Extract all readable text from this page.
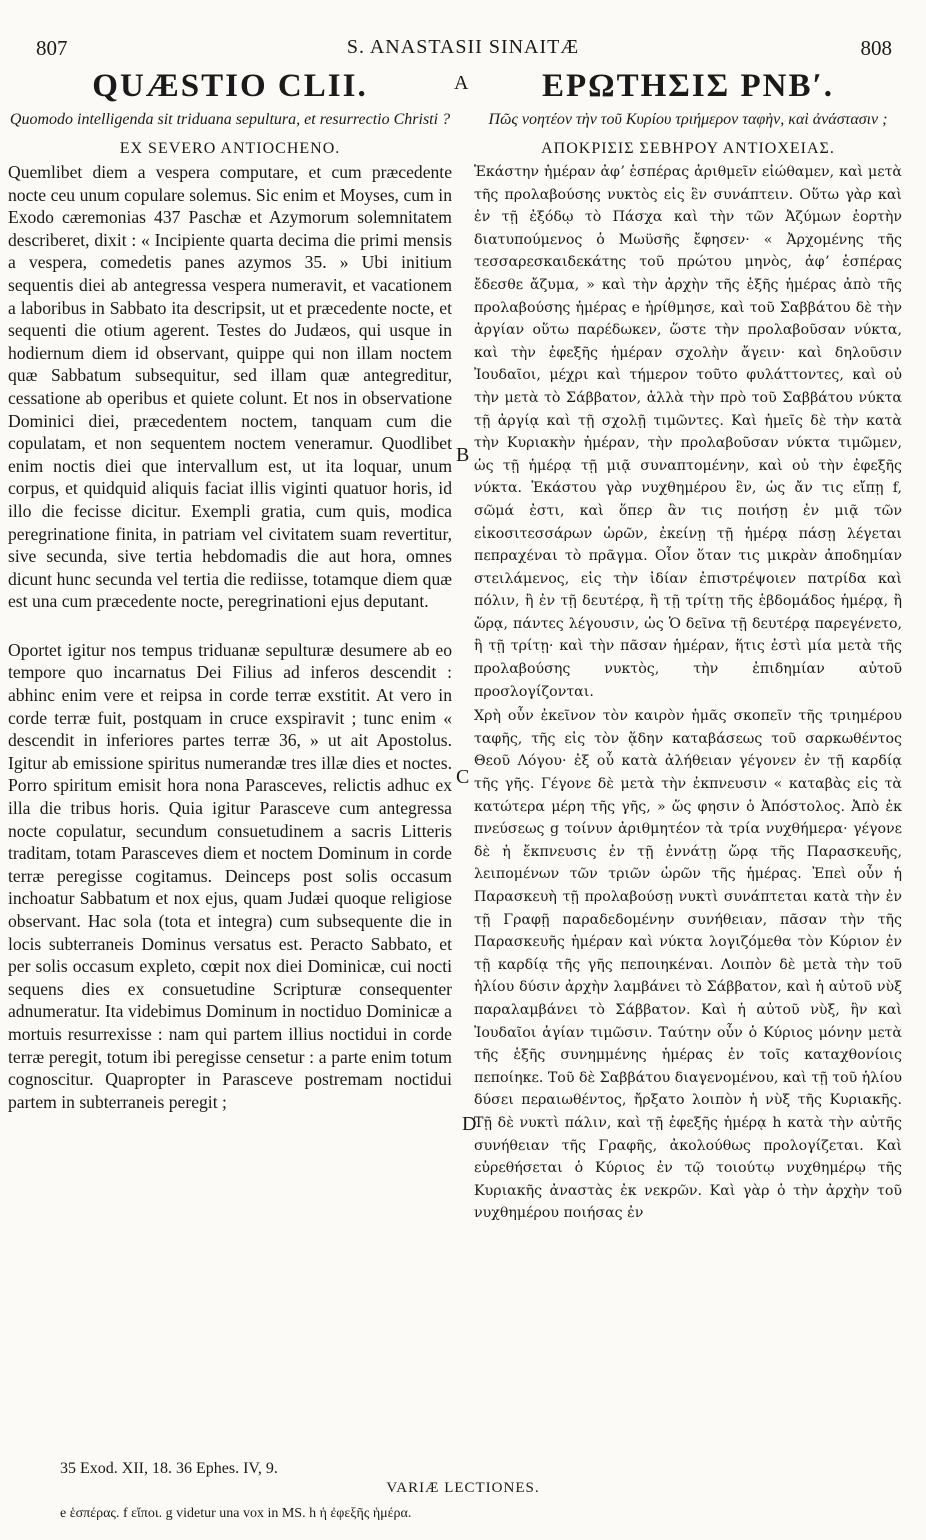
807	S. ANASTASII SINAITÆ	808
A
B
C
D
QUÆSTIO CLII.

Quomodo intelligenda sit triduana sepultura, et resurrectio Christi ?

EX SEVERO ANTIOCHENO.

Quemlibet diem a vespera computare, et cum præcedente nocte ceu unum copulare solemus. Sic enim et Moyses, cum in Exodo cæremonias 437 Paschæ et Azymorum solemnitatem describeret, dixit : « Incipiente quarta decima die primi mensis a vespera, comedetis panes azymos 35. » Ubi initium sequentis diei ab antegressa vespera numeravit, et vacationem a laboribus in Sabbato ita descripsit, ut et præcedente nocte, et sequenti die otium agerent. Testes do Judæos, qui usque in hodiernum diem id observant, quippe qui non illam noctem quæ Sabbatum subsequitur, sed illam quæ antegreditur, cessatione ab operibus et quiete colunt. Et nos in observatione Dominici diei, præcedentem noctem, tanquam cum die copulatam, et non sequentem noctem veneramur. Quodlibet enim noctis diei que intervallum est, ut ita loquar, unum corpus, et quidquid aliquis faciat illis viginti quatuor horis, id illo die fecisse dicitur. Exempli gratia, cum quis, modica peregrinatione finita, in patriam vel civitatem suam revertitur, sive secunda, sive tertia hebdomadis die aut hora, omnes dicunt hunc secunda vel tertia die rediisse, totamque diem quæ est una cum præcedente nocte, peregrinationi ejus deputant.

Oportet igitur nos tempus triduanæ sepulturæ desumere ab eo tempore quo incarnatus Dei Filius ad inferos descendit : abhinc enim vere et reipsa in corde terræ exstitit. At vero in corde terræ fuit, postquam in cruce exspiravit ; tunc enim « descendit in inferiores partes terræ 36, » ut ait Apostolus. Igitur ab emissione spiritus numerandæ tres illæ dies et noctes. Porro spiritum emisit hora nona Parasceves, relictis adhuc ex illa die tribus horis. Quia igitur Parasceve cum antegressa nocte copulatur, secundum consuetudinem a sacris Litteris traditam, totam Parasceves diem et noctem Dominum in corde terræ peregisse cogitamus. Deinceps post solis occasum inchoatur Sabbatum et nox ejus, quam Judæi quoque religiose observant. Hac sola (tota et integra) cum subsequente die in locis subterraneis Dominus versatus est. Peracto Sabbato, et per solis occasum expleto, cœpit nox diei Dominicæ, cui nocti sequens dies ex consuetudine Scripturæ consequenter adnumeratur. Ita videbimus Dominum in noctiduo Dominicæ a mortuis resurrexisse : nam qui partem illius noctidui in corde terræ peregit, totum ibi peregisse censetur : a parte enim totum cognoscitur. Quapropter in Parasceve postremam noctidui partem in subterraneis peregit ;

ΕΡΩΤΗΣΙΣ ΡΝΒʹ.

Πῶς νοητέον τὴν τοῦ Κυρίου τριήμερον ταφὴν, καὶ ἀνάστασιν ;

ΑΠΟΚΡΙΣΙΣ ΣΕΒΗΡΟΥ ΑΝΤΙΟΧΕΙΑΣ.

Ἑκάστην ἡμέραν ἀφʼ ἑσπέρας ἀριθμεῖν εἰώθαμεν, καὶ μετὰ τῆς προλαβούσης νυκτὸς εἰς ἓν συνάπτειν. Οὕτω γὰρ καὶ ἐν τῇ ἐξόδῳ τὸ Πάσχα καὶ τὴν τῶν Ἀζύμων ἑορτὴν διατυπούμενος ὁ Μωϋσῆς ἔφησεν· « Ἀρχομένης τῆς τεσσαρεσκαιδεκάτης τοῦ πρώτου μηνὸς, ἀφʼ ἑσπέρας ἔδεσθε ἄζυμα, » καὶ τὴν ἀρχὴν τῆς ἑξῆς ἡμέρας ἀπὸ τῆς προλαβούσης ἡμέρας e ἠρίθμησε, καὶ τοῦ Σαββάτου δὲ τὴν ἀργίαν οὕτω παρέδωκεν, ὥστε τὴν προλαβοῦσαν νύκτα, καὶ τὴν ἐφεξῆς ἡμέραν σχολὴν ἄγειν· καὶ δηλοῦσιν Ἰουδαῖοι, μέχρι καὶ τήμερον τοῦτο φυλάττοντες, καὶ οὐ τὴν μετὰ τὸ Σάββατον, ἀλλὰ τὴν πρὸ τοῦ Σαββάτου νύκτα τῇ ἀργίᾳ καὶ τῇ σχολῇ τιμῶντες. Καὶ ἡμεῖς δὲ τὴν κατὰ τὴν Κυριακὴν ἡμέραν, τὴν προλαβοῦσαν νύκτα τιμῶμεν, ὡς τῇ ἡμέρᾳ τῇ μιᾷ συναπτομένην, καὶ οὐ τὴν ἐφεξῆς νύκτα. Ἑκάστου γὰρ νυχθημέρου ἓν, ὡς ἄν τις εἴπῃ f, σῶμά ἐστι, καὶ ὅπερ ἂν τις ποιήσῃ ἐν μιᾷ τῶν εἰκοσιτεσσάρων ὡρῶν, ἐκείνῃ τῇ ἡμέρᾳ πάσῃ λέγεται πεπραχέναι τὸ πρᾶγμα. Οἷον ὅταν τις μικρὰν ἀποδημίαν στειλάμενος, εἰς τὴν ἰδίαν ἐπιστρέψοιεν πατρίδα καὶ πόλιν, ἢ ἐν τῇ δευτέρᾳ, ἢ τῇ τρίτῃ τῆς ἑβδομάδος ἡμέρᾳ, ἢ ὥρᾳ, πάντες λέγουσιν, ὡς Ὁ δεῖνα τῇ δευτέρᾳ παρεγένετο, ἢ τῇ τρίτῃ· καὶ τὴν πᾶσαν ἡμέραν, ἥτις ἐστὶ μία μετὰ τῆς προλαβούσης νυκτὸς, τὴν ἐπιδημίαν αὐτοῦ προσλογίζονται.

Χρὴ οὖν ἐκεῖνον τὸν καιρὸν ἡμᾶς σκοπεῖν τῆς τριημέρου ταφῆς, τῆς εἰς τὸν ᾅδην καταβάσεως τοῦ σαρκωθέντος Θεοῦ Λόγου· ἐξ οὗ κατὰ ἀλήθειαν γέγονεν ἐν τῇ καρδίᾳ τῆς γῆς. Γέγονε δὲ μετὰ τὴν ἐκπνευσιν « καταβὰς εἰς τὰ κατώτερα μέρη τῆς γῆς, » ὥς φησιν ὁ Ἀπόστολος. Ἀπὸ ἐκ πνεύσεως g τοίνυν ἀριθμητέον τὰ τρία νυχθήμερα· γέγονε δὲ ἡ ἔκπνευσις ἐν τῇ ἐννάτῃ ὥρᾳ τῆς Παρασκευῆς, λειπομένων τῶν τριῶν ὡρῶν τῆς ἡμέρας. Ἐπεὶ οὖν ἡ Παρασκευὴ τῇ προλαβούσῃ νυκτὶ συνάπτεται κατὰ τὴν ἐν τῇ Γραφῇ παραδεδομένην συνήθειαν, πᾶσαν τὴν τῆς Παρασκευῆς ἡμέραν καὶ νύκτα λογιζόμεθα τὸν Κύριον ἐν τῇ καρδίᾳ τῆς γῆς πεποιηκέναι. Λοιπὸν δὲ μετὰ τὴν τοῦ ἡλίου δύσιν ἀρχὴν λαμβάνει τὸ Σάββατον, καὶ ἡ αὐτοῦ νὺξ παραλαμβάνει τὸ Σάββατον. Καὶ ἡ αὐτοῦ νὺξ, ἣν καὶ Ἰουδαῖοι ἁγίαν τιμῶσιν. Ταύτην οὖν ὁ Κύριος μόνην μετὰ τῆς ἑξῆς συνημμένης ἡμέρας ἐν τοῖς καταχθονίοις πεποίηκε. Τοῦ δὲ Σαββάτου διαγενομένου, καὶ τῇ τοῦ ἡλίου δύσει περαιωθέντος, ἤρξατο λοιπὸν ἡ νὺξ τῆς Κυριακῆς. Τῇ δὲ νυκτὶ πάλιν, καὶ τῇ ἐφεξῆς ἡμέρᾳ h κατὰ τὴν αὐτῆς συνήθειαν τῆς Γραφῆς, ἀκολούθως προλογίζεται. Καὶ εὑρεθήσεται ὁ Κύριος ἐν τῷ τοιούτῳ νυχθημέρῳ τῆς Κυριακῆς ἀναστὰς ἐκ νεκρῶν. Καὶ γὰρ ὁ τὴν ἀρχὴν τοῦ νυχθημέρου ποιήσας ἐν

35 Exod. XII, 18. 36 Ephes. IV, 9.
VARIÆ LECTIONES.
e ἑσπέρας. f εἴποι. g videtur una vox in MS. h ἡ ἐφεξῆς ἡμέρα.
